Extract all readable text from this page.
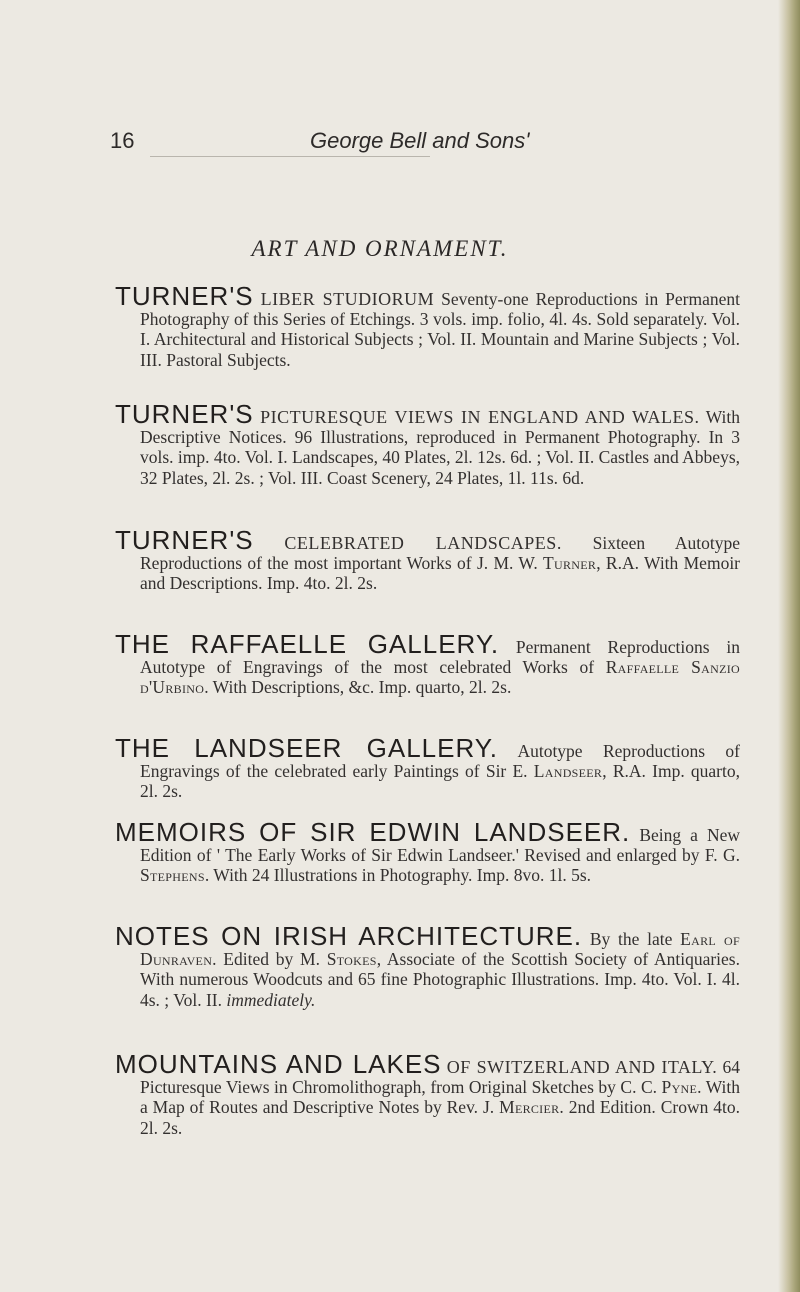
16	George Bell and Sons'
ART AND ORNAMENT.

TURNER'S LIBER STUDIORUM Seventy-one Reproductions in Permanent Photography of this Series of Etchings. 3 vols. imp. folio, 4l. 4s. Sold separately. Vol. I. Architectural and Historical Subjects ; Vol. II. Mountain and Marine Subjects ; Vol. III. Pastoral Subjects.

TURNER'S PICTURESQUE VIEWS IN ENGLAND AND WALES. With Descriptive Notices. 96 Illustrations, reproduced in Permanent Photography. In 3 vols. imp. 4to. Vol. I. Landscapes, 40 Plates, 2l. 12s. 6d. ; Vol. II. Castles and Abbeys, 32 Plates, 2l. 2s. ; Vol. III. Coast Scenery, 24 Plates, 1l. 11s. 6d.

TURNER'S CELEBRATED LANDSCAPES. Sixteen Autotype Reproductions of the most important Works of J. M. W. Turner, R.A. With Memoir and Descriptions. Imp. 4to. 2l. 2s.

THE RAFFAELLE GALLERY. Permanent Reproductions in Autotype of Engravings of the most celebrated Works of Raffaelle Sanzio d'Urbino. With Descriptions, &c. Imp. quarto, 2l. 2s.

THE LANDSEER GALLERY. Autotype Reproductions of Engravings of the celebrated early Paintings of Sir E. Landseer, R.A. Imp. quarto, 2l. 2s.

MEMOIRS OF SIR EDWIN LANDSEER. Being a New Edition of ' The Early Works of Sir Edwin Landseer.' Revised and enlarged by F. G. Stephens. With 24 Illustrations in Photography. Imp. 8vo. 1l. 5s.

NOTES ON IRISH ARCHITECTURE. By the late Earl of Dunraven. Edited by M. Stokes, Associate of the Scottish Society of Antiquaries. With numerous Woodcuts and 65 fine Photographic Illustrations. Imp. 4to. Vol. I. 4l. 4s. ; Vol. II. immediately.

MOUNTAINS AND LAKES OF SWITZERLAND AND ITALY. 64 Picturesque Views in Chromolithograph, from Original Sketches by C. C. Pyne. With a Map of Routes and Descriptive Notes by Rev. J. Mercier. 2nd Edition. Crown 4to. 2l. 2s.
